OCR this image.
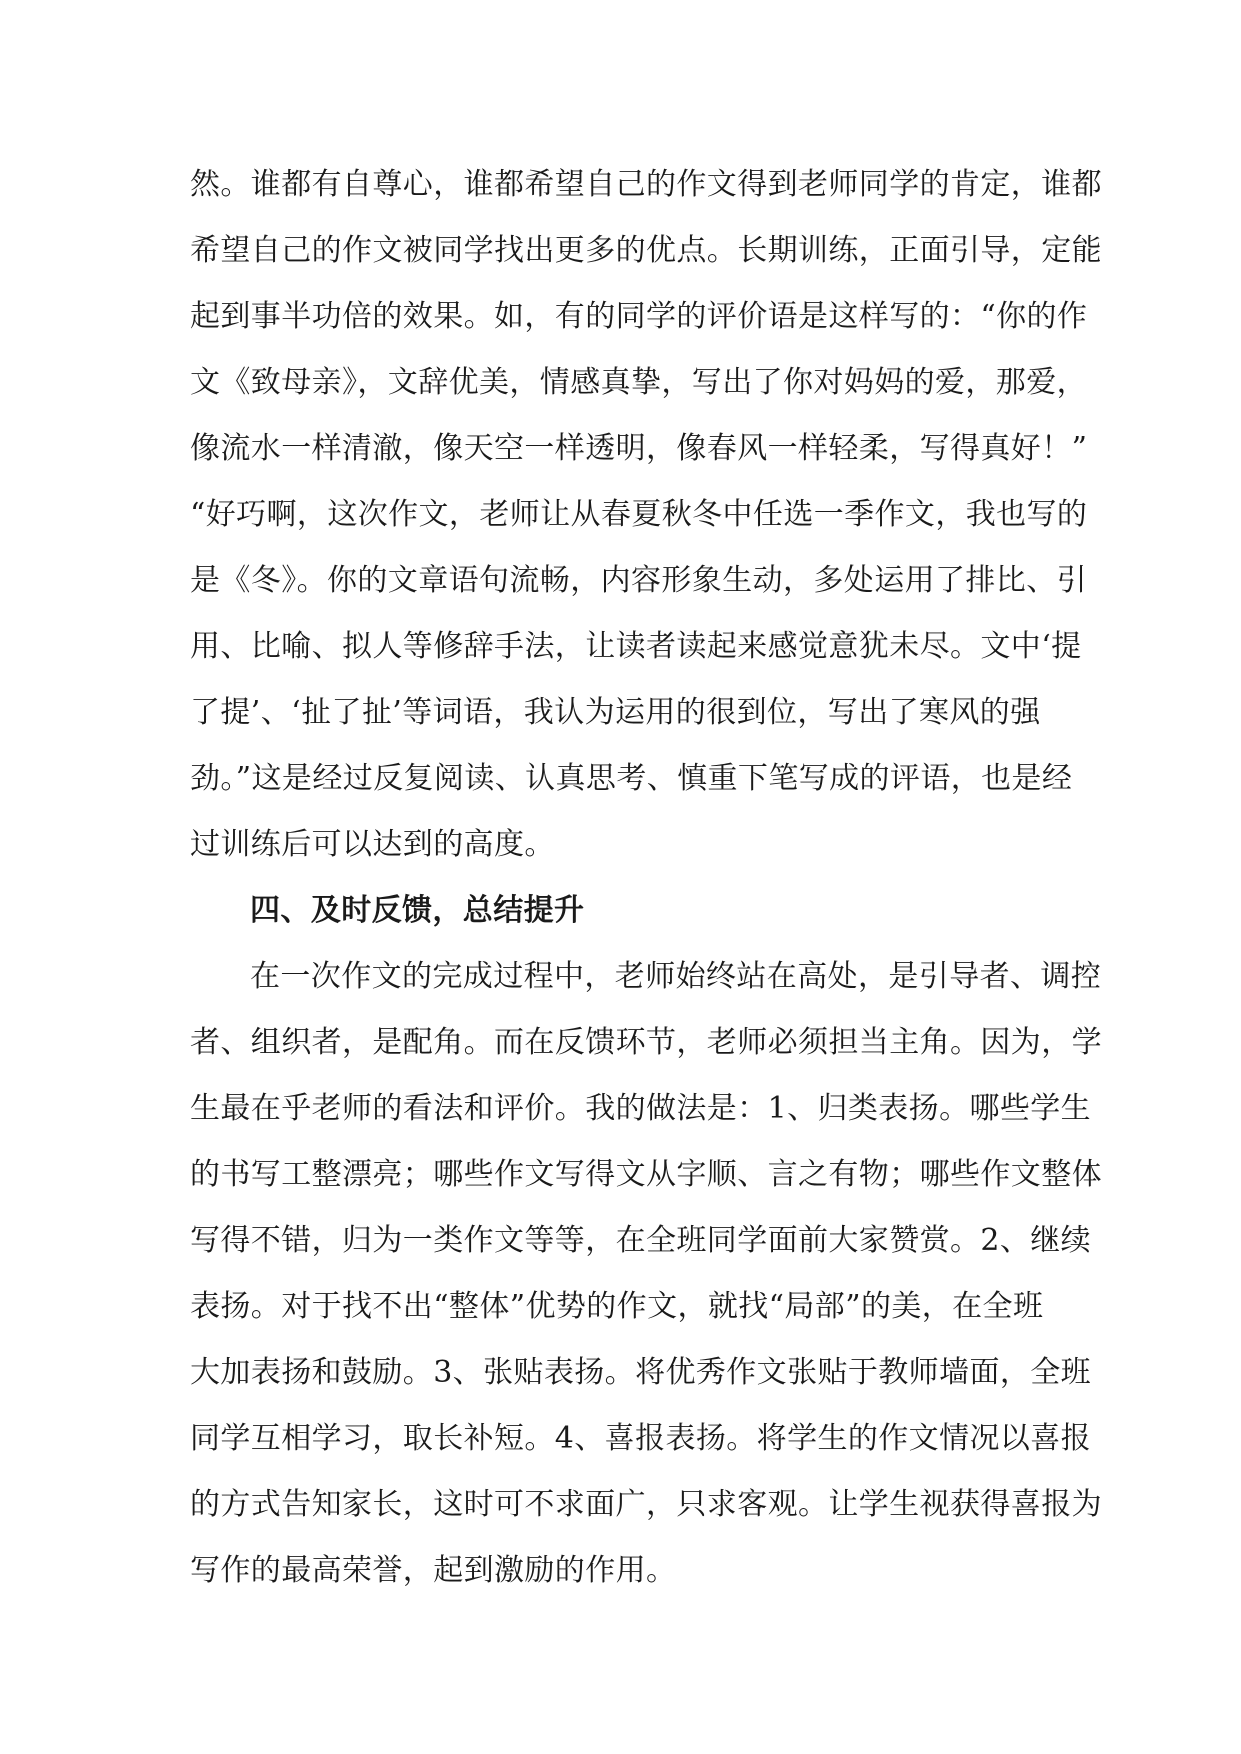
然。谁都有自尊心，谁都希望自己的作文得到老师同学的肯定，谁都
希望自己的作文被同学找出更多的优点。长期训练，正面引导，定能
起到事半功倍的效果。如，有的同学的评价语是这样写的：“你的作
文《致母亲》，文辞优美，情感真挚，写出了你对妈妈的爱，那爱，
像流水一样清澈，像天空一样透明，像春风一样轻柔，写得真好！”
“好巧啊，这次作文，老师让从春夏秋冬中任选一季作文，我也写的
是《冬》。你的文章语句流畅，内容形象生动，多处运用了排比、引
用、比喻、拟人等修辞手法，让读者读起来感觉意犹未尽。文中‘提
了提’、‘扯了扯’等词语，我认为运用的很到位，写出了寒风的强
劲。”这是经过反复阅读、认真思考、慎重下笔写成的评语，也是经
过训练后可以达到的高度。
四、及时反馈，总结提升
在一次作文的完成过程中，老师始终站在高处，是引导者、调控
者、组织者，是配角。而在反馈环节，老师必须担当主角。因为，学
生最在乎老师的看法和评价。我的做法是：1、归类表扬。哪些学生
的书写工整漂亮；哪些作文写得文从字顺、言之有物；哪些作文整体
写得不错，归为一类作文等等，在全班同学面前大家赞赏。2、继续
表扬。对于找不出“整体”优势的作文，就找“局部”的美，在全班
大加表扬和鼓励。3、张贴表扬。将优秀作文张贴于教师墙面，全班
同学互相学习，取长补短。4、喜报表扬。将学生的作文情况以喜报
的方式告知家长，这时可不求面广，只求客观。让学生视获得喜报为
写作的最高荣誉，起到激励的作用。
